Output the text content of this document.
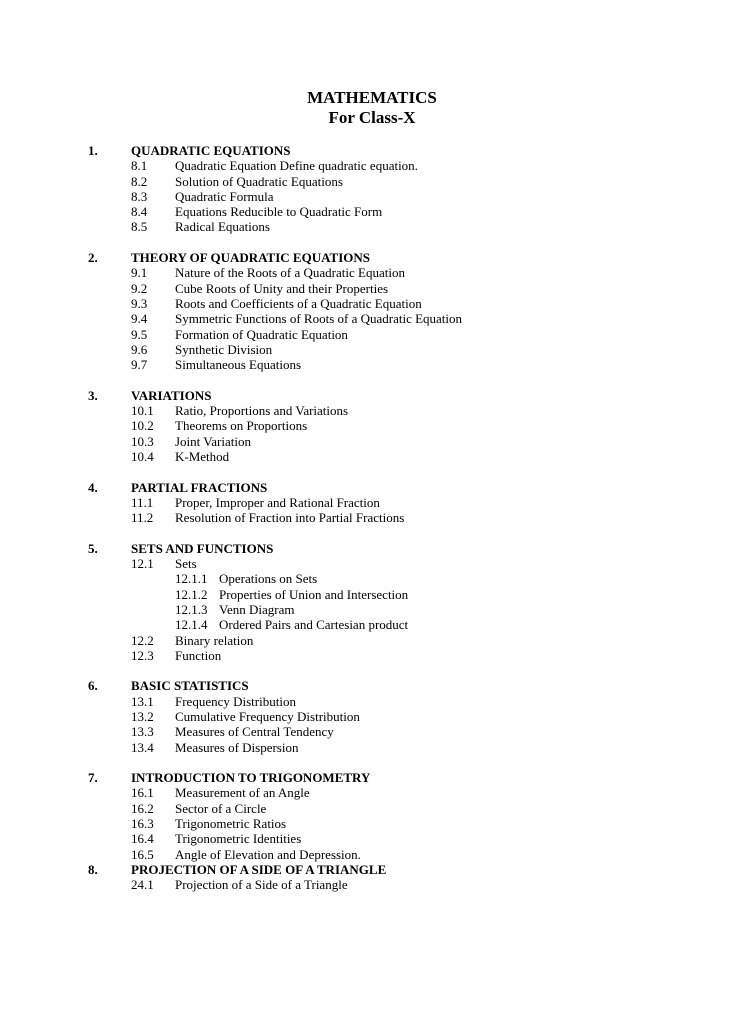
MATHEMATICS
For Class-X
1.	QUADRATIC EQUATIONS
8.1 Quadratic Equation Define quadratic equation.
8.2 Solution of Quadratic Equations
8.3 Quadratic Formula
8.4 Equations Reducible to Quadratic Form
8.5 Radical Equations
2.	THEORY OF QUADRATIC EQUATIONS
9.1 Nature of the Roots of a Quadratic Equation
9.2 Cube Roots of Unity and their Properties
9.3 Roots and Coefficients of a Quadratic Equation
9.4 Symmetric Functions of Roots of a Quadratic Equation
9.5 Formation of Quadratic Equation
9.6 Synthetic Division
9.7 Simultaneous Equations
3.	VARIATIONS
10.1 Ratio, Proportions and Variations
10.2 Theorems on Proportions
10.3 Joint Variation
10.4 K-Method
4.	PARTIAL FRACTIONS
11.1 Proper, Improper and Rational Fraction
11.2 Resolution of Fraction into Partial Fractions
5.	SETS AND FUNCTIONS
12.1 Sets
12.1.1 Operations on Sets
12.1.2 Properties of Union and Intersection
12.1.3 Venn Diagram
12.1.4 Ordered Pairs and Cartesian product
12.2 Binary relation
12.3 Function
6.	BASIC STATISTICS
13.1 Frequency Distribution
13.2 Cumulative Frequency Distribution
13.3 Measures of Central Tendency
13.4 Measures of Dispersion
7.	INTRODUCTION TO TRIGONOMETRY
16.1 Measurement of an Angle
16.2 Sector of a Circle
16.3 Trigonometric Ratios
16.4 Trigonometric Identities
16.5 Angle of Elevation and Depression.
8.	PROJECTION OF A SIDE OF A TRIANGLE
24.1 Projection of a Side of a Triangle
